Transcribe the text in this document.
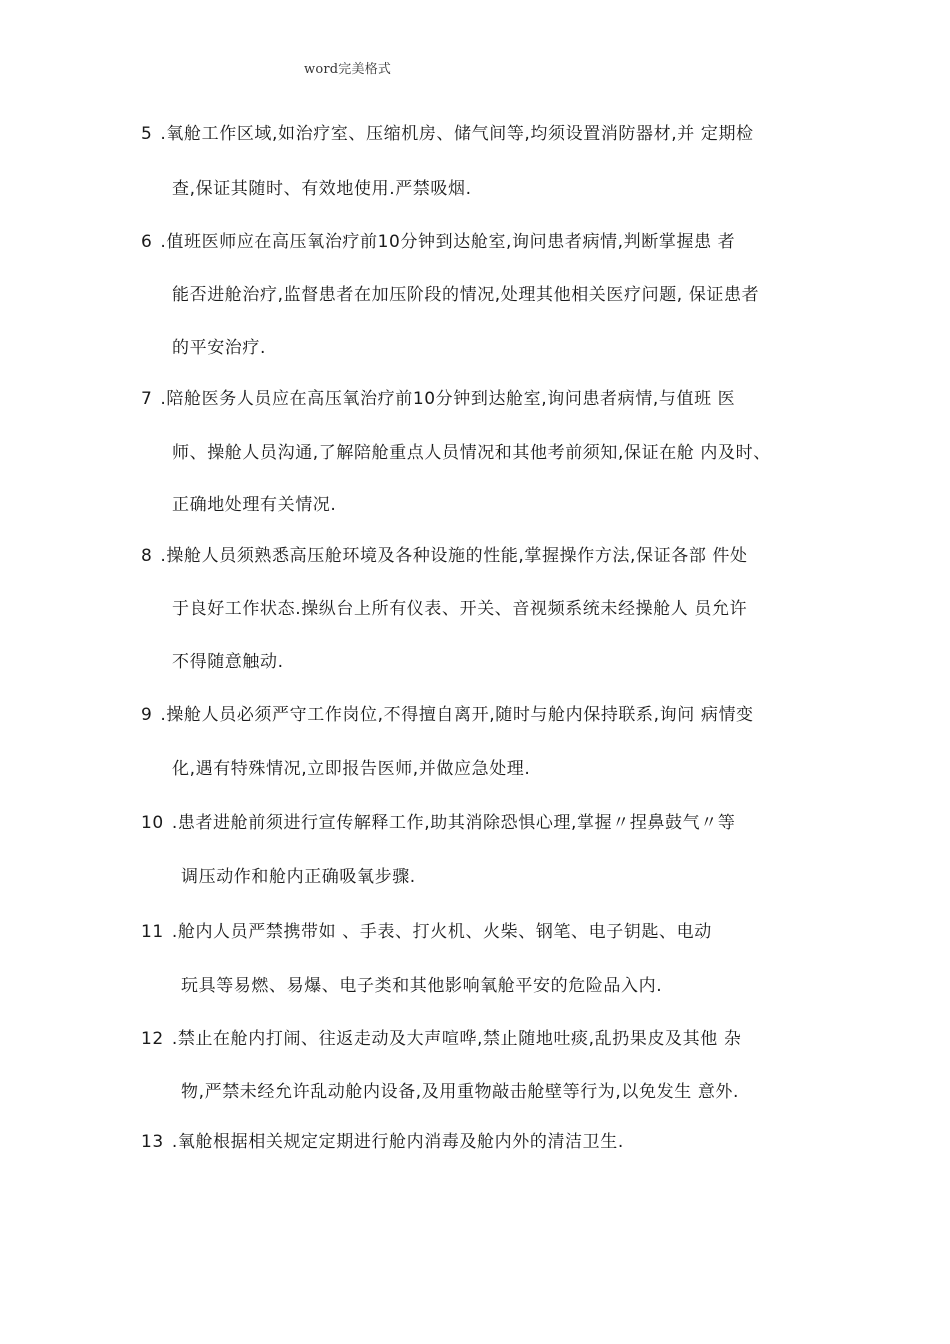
word完美格式
5 .氧舱工作区域,如治疗室、压缩机房、储气间等,均须设置消防器材,并 定期检
查,保证其随时、有效地使用.严禁吸烟.
6 .值班医师应在高压氧治疗前10分钟到达舱室,询问患者病情,判断掌握患 者
能否进舱治疗,监督患者在加压阶段的情况,处理其他相关医疗问题, 保证患者
的平安治疗.
7 .陪舱医务人员应在高压氧治疗前10分钟到达舱室,询问患者病情,与值班 医
师、操舱人员沟通,了解陪舱重点人员情况和其他考前须知,保证在舱 内及时、
正确地处理有关情况.
8 .操舱人员须熟悉高压舱环境及各种设施的性能,掌握操作方法,保证各部 件处
于良好工作状态.操纵台上所有仪表、开关、音视频系统未经操舱人 员允许
不得随意触动.
9 .操舱人员必须严守工作岗位,不得擅自离开,随时与舱内保持联系,询问 病情变
化,遇有特殊情况,立即报告医师,并做应急处理.
10 .患者进舱前须进行宣传解释工作,助其消除恐惧心理,掌握〃捏鼻鼓气〃等
调压动作和舱内正确吸氧步骤.
11 .舱内人员严禁携带如 、手表、打火机、火柴、钢笔、电子钥匙、电动
玩具等易燃、易爆、电子类和其他影响氧舱平安的危险品入内.
12 .禁止在舱内打闹、往返走动及大声喧哗,禁止随地吐痰,乱扔果皮及其他 杂
物,严禁未经允许乱动舱内设备,及用重物敲击舱壁等行为,以免发生 意外.
13 .氧舱根据相关规定定期进行舱内消毒及舱内外的清洁卫生.
